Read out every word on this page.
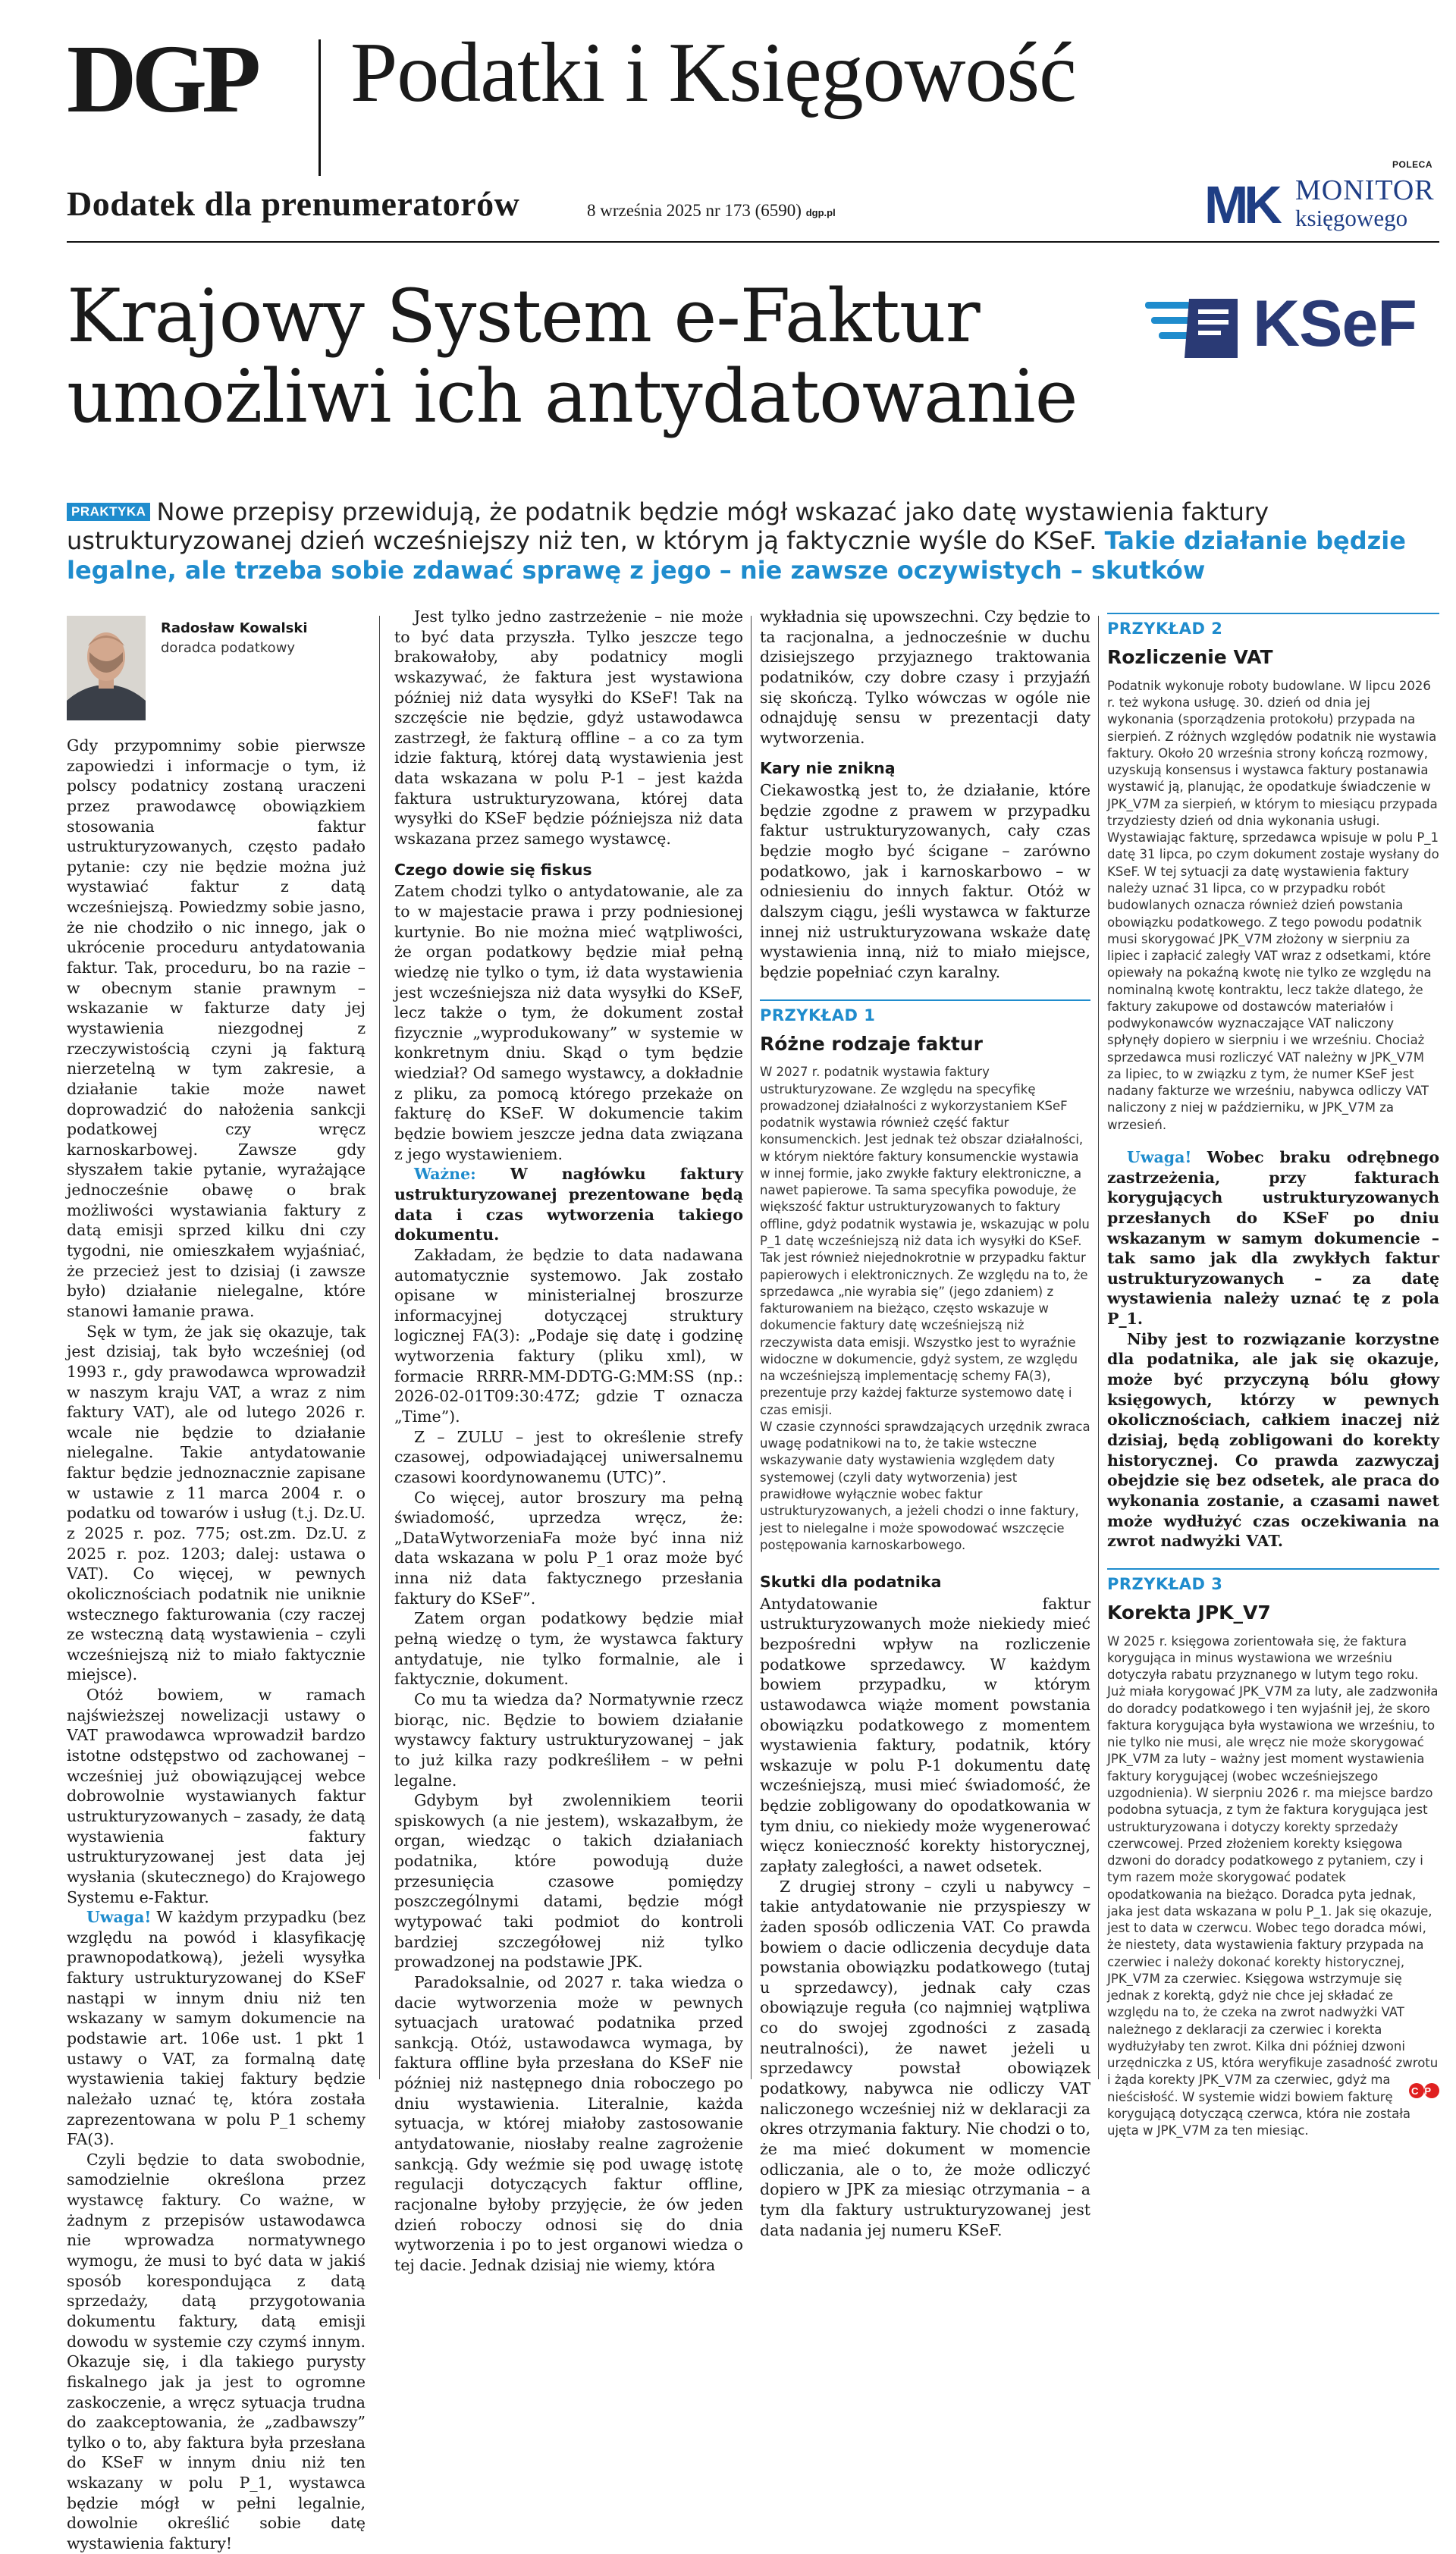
DGP Podatki i Księgowość
Dodatek dla prenumeratorów	8 września 2025 nr 173 (6590) dgp.pl
POLECA
MK MONITOR
księgowego
Krajowy System e-Faktur
umożliwi ich antydatowanie
KSeF
PRAKTYKA Nowe przepisy przewidują, że podatnik będzie mógł wskazać jako datę wystawienia faktury ustrukturyzowanej dzień wcześniejszy niż ten, w którym ją faktycznie wyśle do KSeF. Takie działanie będzie legalne, ale trzeba sobie zdawać sprawę z jego – nie zawsze oczywistych – skutków
Radosław Kowalski
doradca podatkowy

Gdy przypomnimy sobie pierwsze zapowiedzi i informacje o tym, iż polscy podatnicy zostaną uraczeni przez prawodawcę obowiązkiem stosowania faktur ustrukturyzowanych, często padało pytanie: czy nie będzie można już wystawiać faktur z datą wcześniejszą. Powiedzmy sobie jasno, że nie chodziło o nic innego, jak o ukrócenie proceduru antydatowania faktur. Tak, proceduru, bo na razie – w obecnym stanie prawnym – wskazanie w fakturze daty jej wystawienia niezgodnej z rzeczywistością czyni ją fakturą nierzetelną w tym zakresie, a działanie takie może nawet doprowadzić do nałożenia sankcji podatkowej czy wręcz karnoskarbowej. Zawsze gdy słyszałem takie pytanie, wyrażające jednocześnie obawę o brak możliwości wystawiania faktury z datą emisji sprzed kilku dni czy tygodni, nie omieszkałem wyjaśniać, że przecież jest to dzisiaj (i zawsze było) działanie nielegalne, które stanowi łamanie prawa.

Sęk w tym, że jak się okazuje, tak jest dzisiaj, tak było wcześniej (od 1993 r., gdy prawodawca wprowadził w naszym kraju VAT, a wraz z nim faktury VAT), ale od lutego 2026 r. wcale nie będzie to działanie nielegalne. Takie antydatowanie faktur będzie jednoznacznie zapisane w ustawie z 11 marca 2004 r. o podatku od towarów i usług (t.j. Dz.U. z 2025 r. poz. 775; ost.zm. Dz.U. z 2025 r. poz. 1203; dalej: ustawa o VAT). Co więcej, w pewnych okolicznościach podatnik nie uniknie wstecznego fakturowania (czy raczej ze wsteczną datą wystawienia – czyli wcześniejszą niż to miało faktycznie miejsce).

Otóż bowiem, w ramach najświeższej nowelizacji ustawy o VAT prawodawca wprowadził bardzo istotne odstępstwo od zachowanej – wcześniej już obowiązującej webce dobrowolnie wystawianych faktur ustrukturyzowanych – zasady, że datą wystawienia faktury ustrukturyzowanej jest data jej wysłania (skutecznego) do Krajowego Systemu e-Faktur.

Uwaga! W każdym przypadku (bez względu na powód i klasyfikację prawnopodatkową), jeżeli wysyłka faktury ustrukturyzowanej do KSeF nastąpi w innym dniu niż ten wskazany w samym dokumencie na podstawie art. 106e ust. 1 pkt 1 ustawy o VAT, za formalną datę wystawienia takiej faktury będzie należało uznać tę, która została zaprezentowana w polu P_1 schemy FA(3).

Czyli będzie to data swobodnie, samodzielnie określona przez wystawcę faktury. Co ważne, w żadnym z przepisów ustawodawca nie wprowadza normatywnego wymogu, że musi to być data w jakiś sposób korespondująca z datą sprzedaży, datą przygotowania dokumentu faktury, datą emisji dowodu w systemie czy czymś innym. Okazuje się, i dla takiego purysty fiskalnego jak ja jest to ogromne zaskoczenie, a wręcz sytuacja trudna do zaakceptowania, że „zadbawszy” tylko o to, aby faktura była przesłana do KSeF w innym dniu niż ten wskazany w polu P_1, wystawca będzie mógł w pełni legalnie, dowolnie określić sobie datę wystawienia faktury!

Jest tylko jedno zastrzeżenie – nie może to być data przyszła. Tylko jeszcze tego brakowałoby, aby podatnicy mogli wskazywać, że faktura jest wystawiona później niż data wysyłki do KSeF! Tak na szczęście nie będzie, gdyż ustawodawca zastrzegł, że fakturą offline – a co za tym idzie fakturą, której datą wystawienia jest data wskazana w polu P-1 – jest każda faktura ustrukturyzowana, której data wysyłki do KSeF będzie późniejsza niż data wskazana przez samego wystawcę.

Czego dowie się fiskus

Zatem chodzi tylko o antydatowanie, ale za to w majestacie prawa i przy podniesionej kurtynie. Bo nie można mieć wątpliwości, że organ podatkowy będzie miał pełną wiedzę nie tylko o tym, iż data wystawienia jest wcześniejsza niż data wysyłki do KSeF, lecz także o tym, że dokument został fizycznie „wyprodukowany” w systemie w konkretnym dniu. Skąd o tym będzie wiedział? Od samego wystawcy, a dokładnie z pliku, za pomocą którego przekaże on fakturę do KSeF. W dokumencie takim będzie bowiem jeszcze jedna data związana z jego wystawieniem.

Ważne: W nagłówku faktury ustrukturyzowanej prezentowane będą data i czas wytworzenia takiego dokumentu.

Zakładam, że będzie to data nadawana automatycznie systemowo. Jak zostało opisane w ministerialnej broszurze informacyjnej dotyczącej struktury logicznej FA(3): „Podaje się datę i godzinę wytworzenia faktury (pliku xml), w formacie RRRR-MM-DDTG-G:MM:SS (np.: 2026-02-01T09:30:47Z; gdzie T oznacza „Time”).

Z – ZULU – jest to określenie strefy czasowej, odpowiadającej uniwersalnemu czasowi koordynowanemu (UTC)”.

Co więcej, autor broszury ma pełną świadomość, uprzedza wręcz, że: „DataWytworzeniaFa może być inna niż data wskazana w polu P_1 oraz może być inna niż data faktycznego przesłania faktury do KSeF”.

Zatem organ podatkowy będzie miał pełną wiedzę o tym, że wystawca faktury antydatuje, nie tylko formalnie, ale i faktycznie, dokument.

Co mu ta wiedza da? Normatywnie rzecz biorąc, nic. Będzie to bowiem działanie wystawcy faktury ustrukturyzowanej – jak to już kilka razy podkreśliłem – w pełni legalne.

Gdybym był zwolennikiem teorii spiskowych (a nie jestem), wskazałbym, że organ, wiedząc o takich działaniach podatnika, które powodują duże przesunięcia czasowe pomiędzy poszczególnymi datami, będzie mógł wytypować taki podmiot do kontroli bardziej szczegółowej niż tylko prowadzonej na podstawie JPK.

Paradoksalnie, od 2027 r. taka wiedza o dacie wytworzenia może w pewnych sytuacjach uratować podatnika przed sankcją. Otóż, ustawodawca wymaga, by faktura offline była przesłana do KSeF nie później niż następnego dnia roboczego po dniu wystawienia. Literalnie, każda sytuacja, w której miałoby zastosowanie antydatowanie, niosłaby realne zagrożenie sankcją. Gdy weźmie się pod uwagę istotę regulacji dotyczących faktur offline, racjonalne byłoby przyjęcie, że ów jeden dzień roboczy odnosi się do dnia wytworzenia i po to jest organowi wiedza o tej dacie. Jednak dzisiaj nie wiemy, która

wykładnia się upowszechni. Czy będzie to ta racjonalna, a jednocześnie w duchu dzisiejszego przyjaznego traktowania podatników, czy dobre czasy i przyjaźń się skończą. Tylko wówczas w ogóle nie odnajduję sensu w prezentacji daty wytworzenia.

Kary nie znikną

Ciekawostką jest to, że działanie, które będzie zgodne z prawem w przypadku faktur ustrukturyzowanych, cały czas będzie mogło być ścigane – zarówno podatkowo, jak i karnoskarbowo – w odniesieniu do innych faktur. Otóż w dalszym ciągu, jeśli wystawca w fakturze innej niż ustrukturyzowana wskaże datę wystawienia inną, niż to miało miejsce, będzie popełniać czyn karalny.

PRZYKŁAD 1
Różne rodzaje faktur
W 2027 r. podatnik wystawia faktury ustrukturyzowane. Ze względu na specyfikę prowadzonej działalności z wykorzystaniem KSeF podatnik wystawia również część faktur konsumenckich. Jest jednak też obszar działalności, w którym niektóre faktury konsumenckie wystawia w innej formie, jako zwykłe faktury elektroniczne, a nawet papierowe. Ta sama specyfika powoduje, że większość faktur ustrukturyzowanych to faktury offline, gdyż podatnik wystawia je, wskazując w polu P_1 datę wcześniejszą niż data ich wysyłki do KSeF. Tak jest również niejednokrotnie w przypadku faktur papierowych i elektronicznych. Ze względu na to, że sprzedawca „nie wyrabia się” (jego zdaniem) z fakturowaniem na bieżąco, często wskazuje w dokumencie faktury datę wcześniejszą niż rzeczywista data emisji. Wszystko jest to wyraźnie widoczne w dokumencie, gdyż system, ze względu na wcześniejszą implementację schemy FA(3), prezentuje przy każdej fakturze systemowo datę i czas emisji.
W czasie czynności sprawdzających urzędnik zwraca uwagę podatnikowi na to, że takie wsteczne wskazywanie daty wystawienia względem daty systemowej (czyli daty wytworzenia) jest prawidłowe wyłącznie wobec faktur ustrukturyzowanych, a jeżeli chodzi o inne faktury, jest to nielegalne i może spowodować wszczęcie postępowania karnoskarbowego.
Skutki dla podatnika

Antydatowanie faktur ustrukturyzowanych może niekiedy mieć bezpośredni wpływ na rozliczenie podatkowe sprzedawcy. W każdym bowiem przypadku, w którym ustawodawca wiąże moment powstania obowiązku podatkowego z momentem wystawienia faktury, podatnik, który wskazuje w polu P-1 dokumentu datę wcześniejszą, musi mieć świadomość, że będzie zobligowany do opodatkowania w tym dniu, co niekiedy może wygenerować więcz konieczność korekty historycznej, zapłaty zaległości, a nawet odsetek.

Z drugiej strony – czyli u nabywcy – takie antydatowanie nie przyspieszy w żaden sposób odliczenia VAT. Co prawda bowiem o dacie odliczenia decyduje data powstania obowiązku podatkowego (tutaj u sprzedawcy), jednak cały czas obowiązuje reguła (co najmniej wątpliwa co do swojej zgodności z zasadą neutralności), że nawet jeżeli u sprzedawcy powstał obowiązek podatkowy, nabywca nie odliczy VAT naliczonego wcześniej niż w deklaracji za okres otrzymania faktury. Nie chodzi o to, że ma mieć dokument w momencie odliczania, ale o to, że może odliczyć dopiero w JPK za miesiąc otrzymania – a tym dla faktury ustrukturyzowanej jest data nadania jej numeru KSeF.

PRZYKŁAD 2
Rozliczenie VAT
Podatnik wykonuje roboty budowlane. W lipcu 2026 r. też wykona usługę. 30. dzień od dnia jej wykonania (sporządzenia protokołu) przypada na sierpień. Z różnych względów podatnik nie wystawia faktury. Około 20 września strony kończą rozmowy, uzyskują konsensus i wystawca faktury postanawia wystawić ją, planując, że opodatkuje świadczenie w JPK_V7M za sierpień, w którym to miesiącu przypada trzydziesty dzień od dnia wykonania usługi. Wystawiając fakturę, sprzedawca wpisuje w polu P_1 datę 31 lipca, po czym dokument zostaje wysłany do KSeF. W tej sytuacji za datę wystawienia faktury należy uznać 31 lipca, co w przypadku robót budowlanych oznacza również dzień powstania obowiązku podatkowego. Z tego powodu podatnik musi skorygować JPK_V7M złożony w sierpniu za lipiec i zapłacić zaległy VAT wraz z odsetkami, które opiewały na pokaźną kwotę nie tylko ze względu na nominalną kwotę kontraktu, lecz także dlatego, że faktury zakupowe od dostawców materiałów i podwykonawców wyznaczające VAT naliczony spłynęły dopiero w sierpniu i we wrześniu. Chociaż sprzedawca musi rozliczyć VAT należny w JPK_V7M za lipiec, to w związku z tym, że numer KSeF jest nadany fakturze we wrześniu, nabywca odliczy VAT naliczony z niej w październiku, w JPK_V7M za wrzesień.

Uwaga! Wobec braku odrębnego zastrzeżenia, przy fakturach korygujących ustrukturyzowanych przesłanych do KSeF po dniu wskazanym w samym dokumencie – tak samo jak dla zwykłych faktur ustrukturyzowanych – za datę wystawienia należy uznać tę z pola P_1.

Niby jest to rozwiązanie korzystne dla podatnika, ale jak się okazuje, może być przyczyną bólu głowy księgowych, którzy w pewnych okolicznościach, całkiem inaczej niż dzisiaj, będą zobligowani do korekty historycznej. Co prawda zazwyczaj obejdzie się bez odsetek, ale praca do wykonania zostanie, a czasami nawet może wydłużyć czas oczekiwania na zwrot nadwyżki VAT.

PRZYKŁAD 3
Korekta JPK_V7
W 2025 r. księgowa zorientowała się, że faktura korygująca in minus wystawiona we wrześniu dotyczyła rabatu przyznanego w lutym tego roku. Już miała korygować JPK_V7M za luty, ale zadzwoniła do doradcy podatkowego i ten wyjaśnił jej, że skoro faktura korygująca była wystawiona we wrześniu, to nie tylko nie musi, ale wręcz nie może skorygować JPK_V7M za luty – ważny jest moment wystawienia faktury korygującej (wobec wcześniejszego uzgodnienia). W sierpniu 2026 r. ma miejsce bardzo podobna sytuacja, z tym że faktura korygująca jest ustrukturyzowana i dotyczy korekty sprzedaży czerwcowej. Przed złożeniem korekty księgowa dzwoni do doradcy podatkowego z pytaniem, czy i tym razem może skorygować podatek opodatkowania na bieżąco. Doradca pyta jednak, jaka jest data wskazana w polu P_1. Jak się okazuje, jest to data w czerwcu. Wobec tego doradca mówi, że niestety, data wystawienia faktury przypada na czerwiec i należy dokonać korekty historycznej, JPK_V7M za czerwiec. Księgowa wstrzymuje się jednak z korektą, gdyż nie chce jej składać ze względu na to, że czeka na zwrot nadwyżki VAT należnego z deklaracji za czerwiec i korekta wydłużyłaby ten zwrot. Kilka dni później dzwoni urzędniczka z US, która weryfikuje zasadność zwrotu i żąda korekty JPK_V7M za czerwiec, gdyż ma nieścisłość. W systemie widzi bowiem fakturę korygującą dotyczącą czerwca, która nie została ujęta w JPK_V7M za ten miesiąc.
CP
